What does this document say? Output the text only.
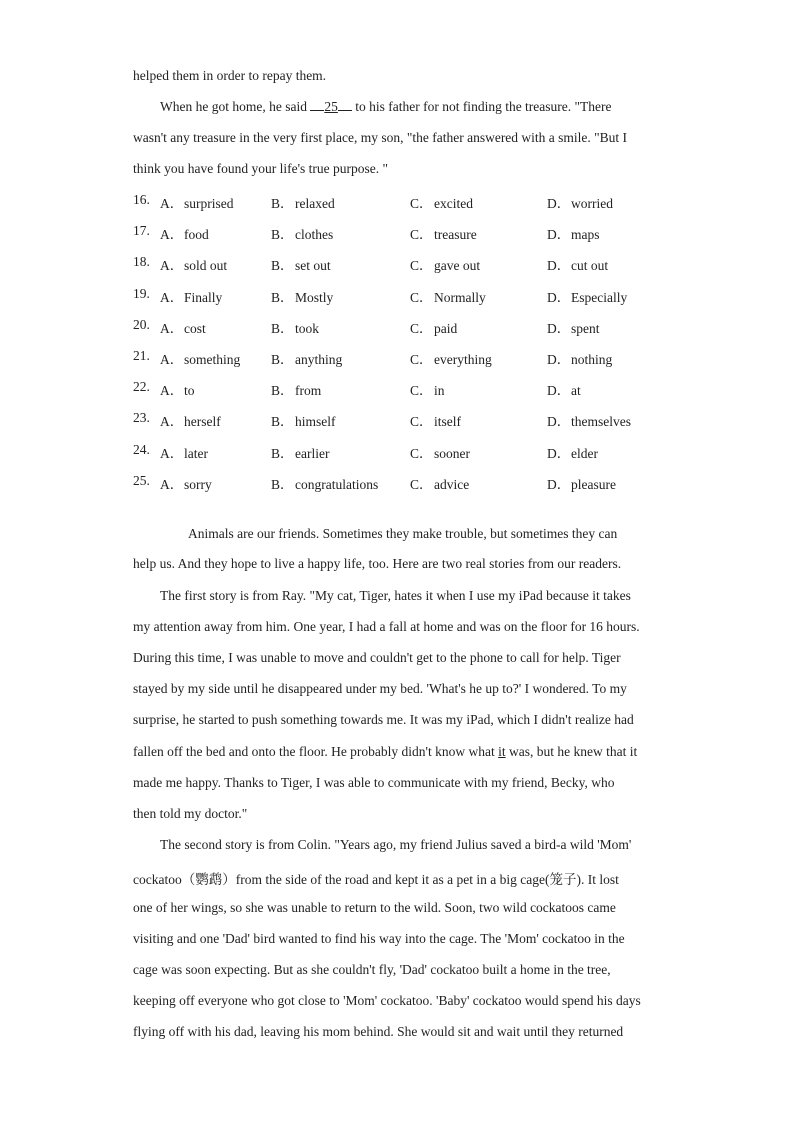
helped them in order to repay them.
When he got home, he said 25 to his father for not finding the treasure. "There
wasn't any treasure in the very first place, my son, "the father answered with a smile. "But I
think you have found your life's true purpose. "
16. A．surprised	B．relaxed	C．excited	D．worried
17. A．food	B．clothes	C．treasure	D．maps
18. A．sold out	B．set out	C．gave out	D．cut out
19. A．Finally	B．Mostly	C．Normally	D．Especially
20. A．cost	B．took	C．paid	D．spent
21. A．something B．anything	C．everything	D．nothing
22. A．to	B．from	C．in	D．at
23. A．herself	B．himself	C．itself	D．themselves
24. A．later	B．earlier	C．sooner	D．elder
25. A．sorry	B．congratulations C．advice	D．pleasure
Animals are our friends. Sometimes they make trouble, but sometimes they can
help us. And they hope to live a happy life, too. Here are two real stories from our readers.
The first story is from Ray. "My cat, Tiger, hates it when I use my iPad because it takes
my attention away from him. One year, I had a fall at home and was on the floor for 16 hours.
During this time, I was unable to move and couldn't get to the phone to call for help. Tiger
stayed by my side until he disappeared under my bed. 'What's he up to?' I wondered. To my
surprise, he started to push something towards me. It was my iPad, which I didn't realize had
fallen off the bed and onto the floor. He probably didn't know what it was, but he knew that it
made me happy. Thanks to Tiger, I was able to communicate with my friend, Becky, who
then told my doctor."
The second story is from Colin. "Years ago, my friend Julius saved a bird-a wild 'Mom'
cockatoo（鹦鹉）from the side of the road and kept it as a pet in a big cage(笼子). It lost
one of her wings, so she was unable to return to the wild. Soon, two wild cockatoos came
visiting and one 'Dad' bird wanted to find his way into the cage. The 'Mom' cockatoo in the
cage was soon expecting. But as she couldn't fly, 'Dad' cockatoo built a home in the tree,
keeping off everyone who got close to 'Mom' cockatoo. 'Baby' cockatoo would spend his days
flying off with his dad, leaving his mom behind. She would sit and wait until they returned
